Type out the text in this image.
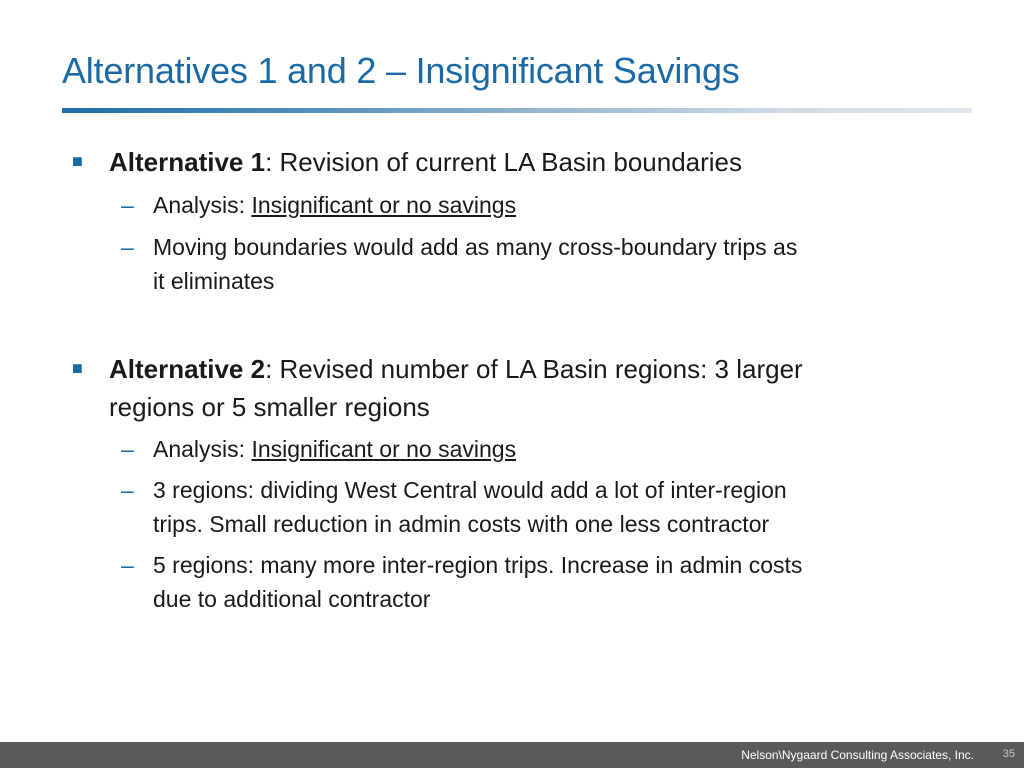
Alternatives 1 and 2 – Insignificant Savings
■ Alternative 1: Revision of current LA Basin boundaries
– Analysis: Insignificant or no savings
– Moving boundaries would add as many cross-boundary trips as
it eliminates
■ Alternative 2: Revised number of LA Basin regions: 3 larger
regions or 5 smaller regions
– Analysis: Insignificant or no savings
– 3 regions: dividing West Central would add a lot of inter-region
trips. Small reduction in admin costs with one less contractor
– 5 regions: many more inter-region trips. Increase in admin costs
due to additional contractor
Nelson\Nygaard Consulting Associates, Inc.	35
